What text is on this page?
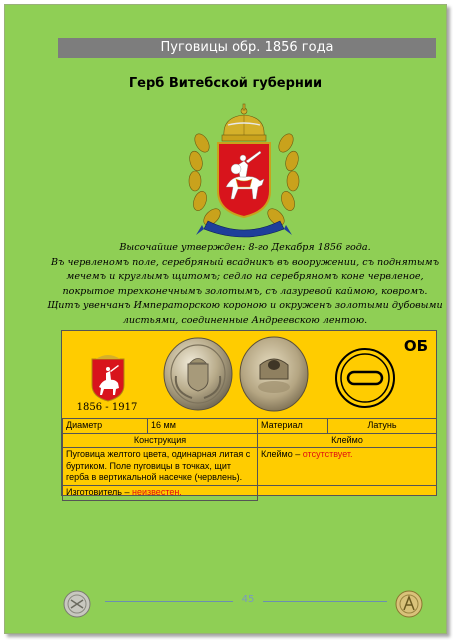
Пуговицы обр. 1856 года
Герб Витебской губернии
Высочайше утвержден: 8-го Декабря 1856 года.
Въ червленомъ поле, серебряный всадникъ въ вооружении, съ поднятымъ
мечемъ и круглымъ щитомъ; седло на серебряномъ коне червленое,
покрытое трехконечнымъ золотымъ, съ лазуревой каймою, ковромъ.
Щитъ увенчанъ Императорскою короною и окруженъ золотыми дубовыми
листьями, соединенные Андреевскою лентою.
ОБ
1856 - 1917
Диаметр	16 мм	Материал	Латунь
Конструкция		Клеймо	
Пуговица желтого цвета, одинарная литая с буртиком. Поле пуговицы в точках, щит герба в вертикальной насечке (червлень).		Клеймо – отсутствует.	
Изготовитель – неизвестен.			
45
